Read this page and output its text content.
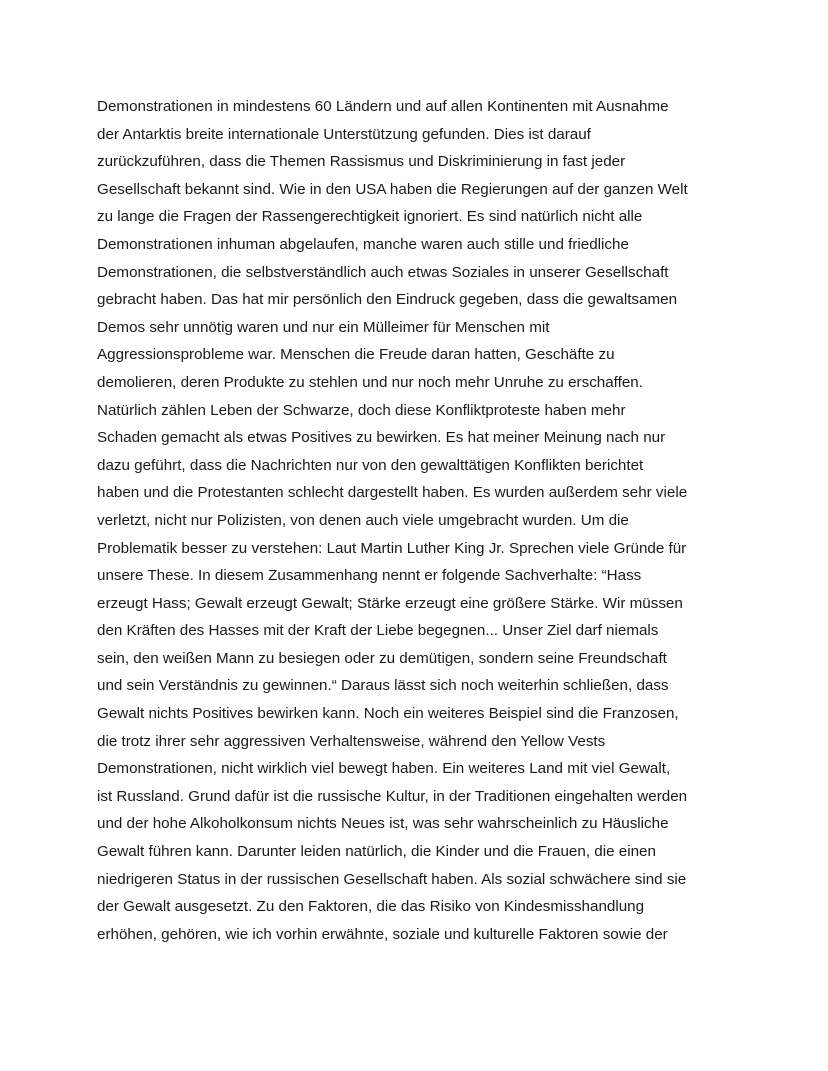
Demonstrationen in mindestens 60 Ländern und auf allen Kontinenten mit Ausnahme
der Antarktis breite internationale Unterstützung gefunden. Dies ist darauf
zurückzuführen, dass die Themen Rassismus und Diskriminierung in fast jeder
Gesellschaft bekannt sind. Wie in den USA haben die Regierungen auf der ganzen Welt
zu lange die Fragen der Rassengerechtigkeit ignoriert. Es sind natürlich nicht alle
Demonstrationen inhuman abgelaufen, manche waren auch stille und friedliche
Demonstrationen, die selbstverständlich auch etwas Soziales in unserer Gesellschaft
gebracht haben. Das hat mir persönlich den Eindruck gegeben, dass die gewaltsamen
Demos sehr unnötig waren und nur ein Mülleimer für Menschen mit
Aggressionsprobleme war. Menschen die Freude daran hatten, Geschäfte zu
demolieren, deren Produkte zu stehlen und nur noch mehr Unruhe zu erschaffen.
Natürlich zählen Leben der Schwarze, doch diese Konfliktproteste haben mehr
Schaden gemacht als etwas Positives zu bewirken. Es hat meiner Meinung nach nur
dazu geführt, dass die Nachrichten nur von den gewalttätigen Konflikten berichtet
haben und die Protestanten schlecht dargestellt haben. Es wurden außerdem sehr viele
verletzt, nicht nur Polizisten, von denen auch viele umgebracht wurden. Um die
Problematik besser zu verstehen: Laut Martin Luther King Jr. Sprechen viele Gründe für
unsere These. In diesem Zusammenhang nennt er folgende Sachverhalte: “Hass
erzeugt Hass; Gewalt erzeugt Gewalt; Stärke erzeugt eine größere Stärke. Wir müssen
den Kräften des Hasses mit der Kraft der Liebe begegnen... Unser Ziel darf niemals
sein, den weißen Mann zu besiegen oder zu demütigen, sondern seine Freundschaft
und sein Verständnis zu gewinnen.“ Daraus lässt sich noch weiterhin schließen, dass
Gewalt nichts Positives bewirken kann. Noch ein weiteres Beispiel sind die Franzosen,
die trotz ihrer sehr aggressiven Verhaltensweise, während den Yellow Vests
Demonstrationen, nicht wirklich viel bewegt haben. Ein weiteres Land mit viel Gewalt,
ist Russland. Grund dafür ist die russische Kultur, in der Traditionen eingehalten werden
und der hohe Alkoholkonsum nichts Neues ist, was sehr wahrscheinlich zu Häusliche
Gewalt führen kann. Darunter leiden natürlich, die Kinder und die Frauen, die einen
niedrigeren Status in der russischen Gesellschaft haben. Als sozial schwächere sind sie
der Gewalt ausgesetzt. Zu den Faktoren, die das Risiko von Kindesmisshandlung
erhöhen, gehören, wie ich vorhin erwähnte, soziale und kulturelle Faktoren sowie der
